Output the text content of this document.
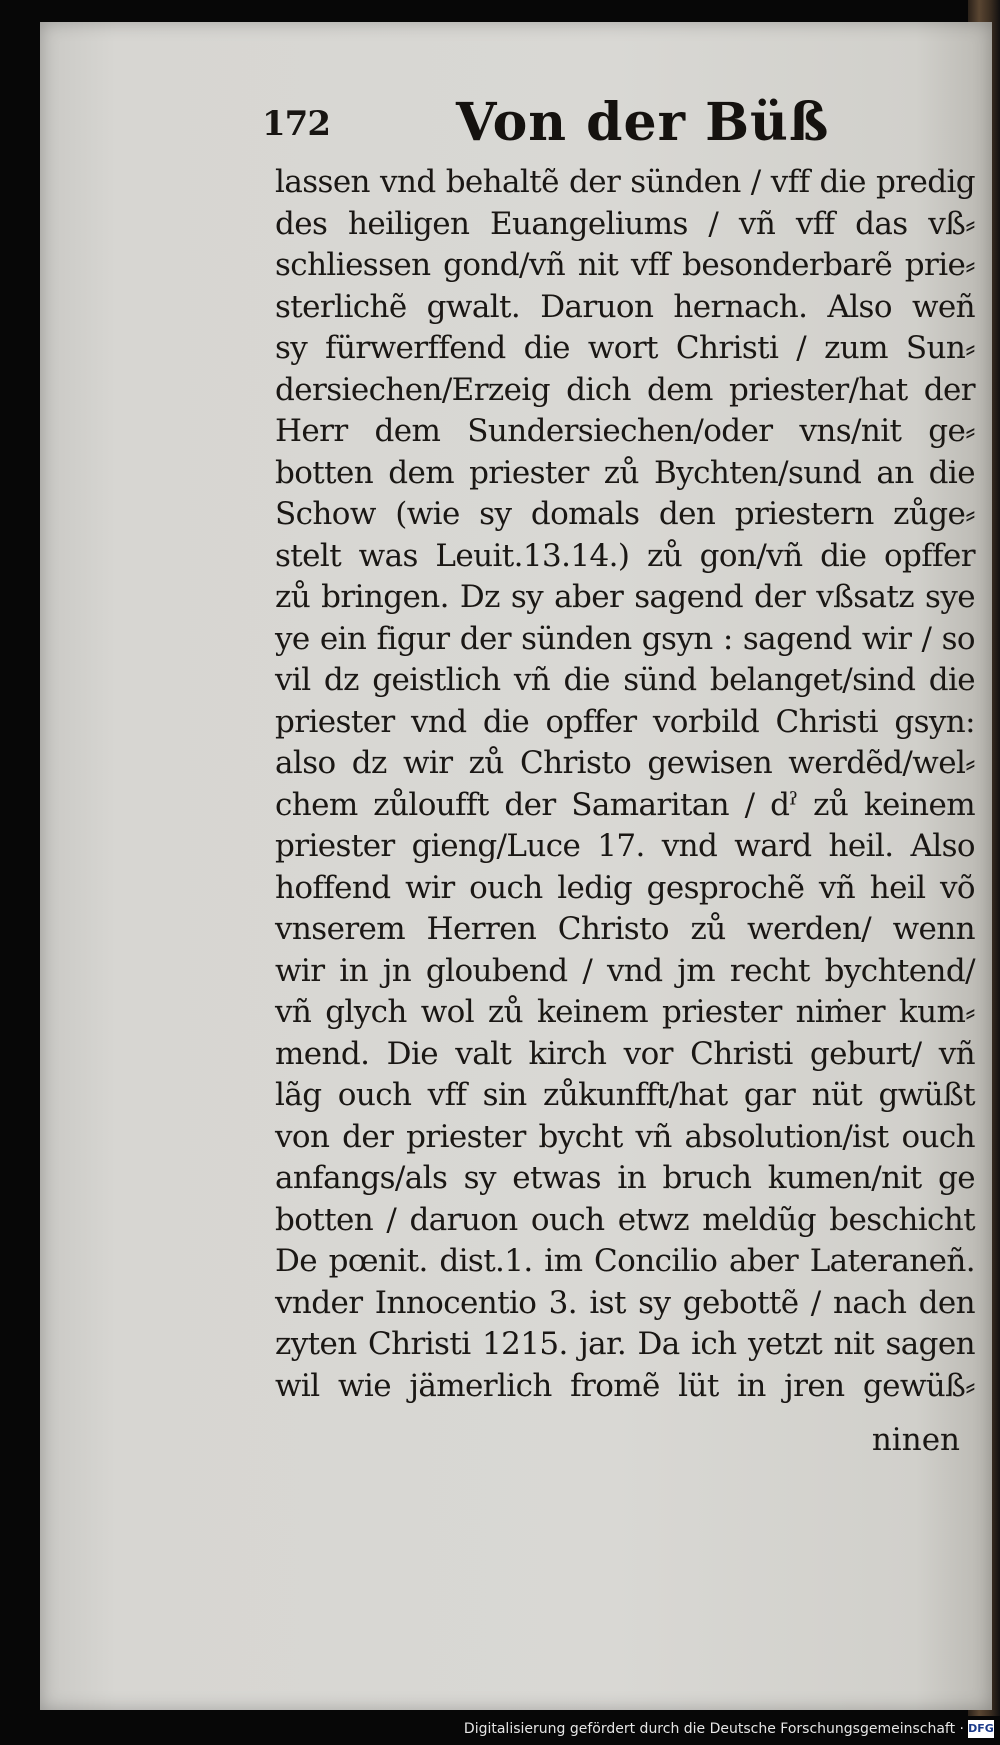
172 Von der Büß
lassen vnd behaltẽ der sünden / vff die predig
des heiligen Euangeliums / vñ vff das vß⸗
schliessen gond/vñ nit vff besonderbarẽ prie⸗
sterlichẽ gwalt. Daruon hernach. Also weñ
sy fürwerffend die wort Christi / zum Sun⸗
dersiechen/Erzeig dich dem priester/hat der
Herr dem Sundersiechen/oder vns/nit ge⸗
botten dem priester zů Bychten/sund an die
Schow (wie sy domals den priestern zůge⸗
stelt was Leuit.13.14.) zů gon/vñ die opffer
zů bringen. Dz sy aber sagend der vßsatz sye
ye ein figur der sünden gsyn : sagend wir / so
vil dz geistlich vñ die sünd belanget/sind die
priester vnd die opffer vorbild Christi gsyn:
also dz wir zů Christo gewisen werdẽd/wel⸗
chem zůloufft der Samaritan / dˀ zů keinem
priester gieng/Luce 17. vnd ward heil. Also
hoffend wir ouch ledig gesprochẽ vñ heil võ
vnserem Herren Christo zů werden/ wenn
wir in jn gloubend / vnd jm recht bychtend/
vñ glych wol zů keinem priester niṁer kum⸗
mend. Die valt kirch vor Christi geburt/ vñ
lãg ouch vff sin zůkunfft/hat gar nüt gwüßt
von der priester bycht vñ absolution/ist ouch
anfangs/als sy etwas in bruch kumen/nit ge
botten / daruon ouch etwz meldũg beschicht
De pœnit. dist.1. im Concilio aber Lateraneñ.
vnder Innocentio 3. ist sy gebottẽ / nach den
zyten Christi 1215. jar. Da ich yetzt nit sagen
wil wie jämerlich fromẽ lüt in jren gewüß⸗
ninen
Digitalisierung gefördert durch die Deutsche Forschungsgemeinschaft · DFG
